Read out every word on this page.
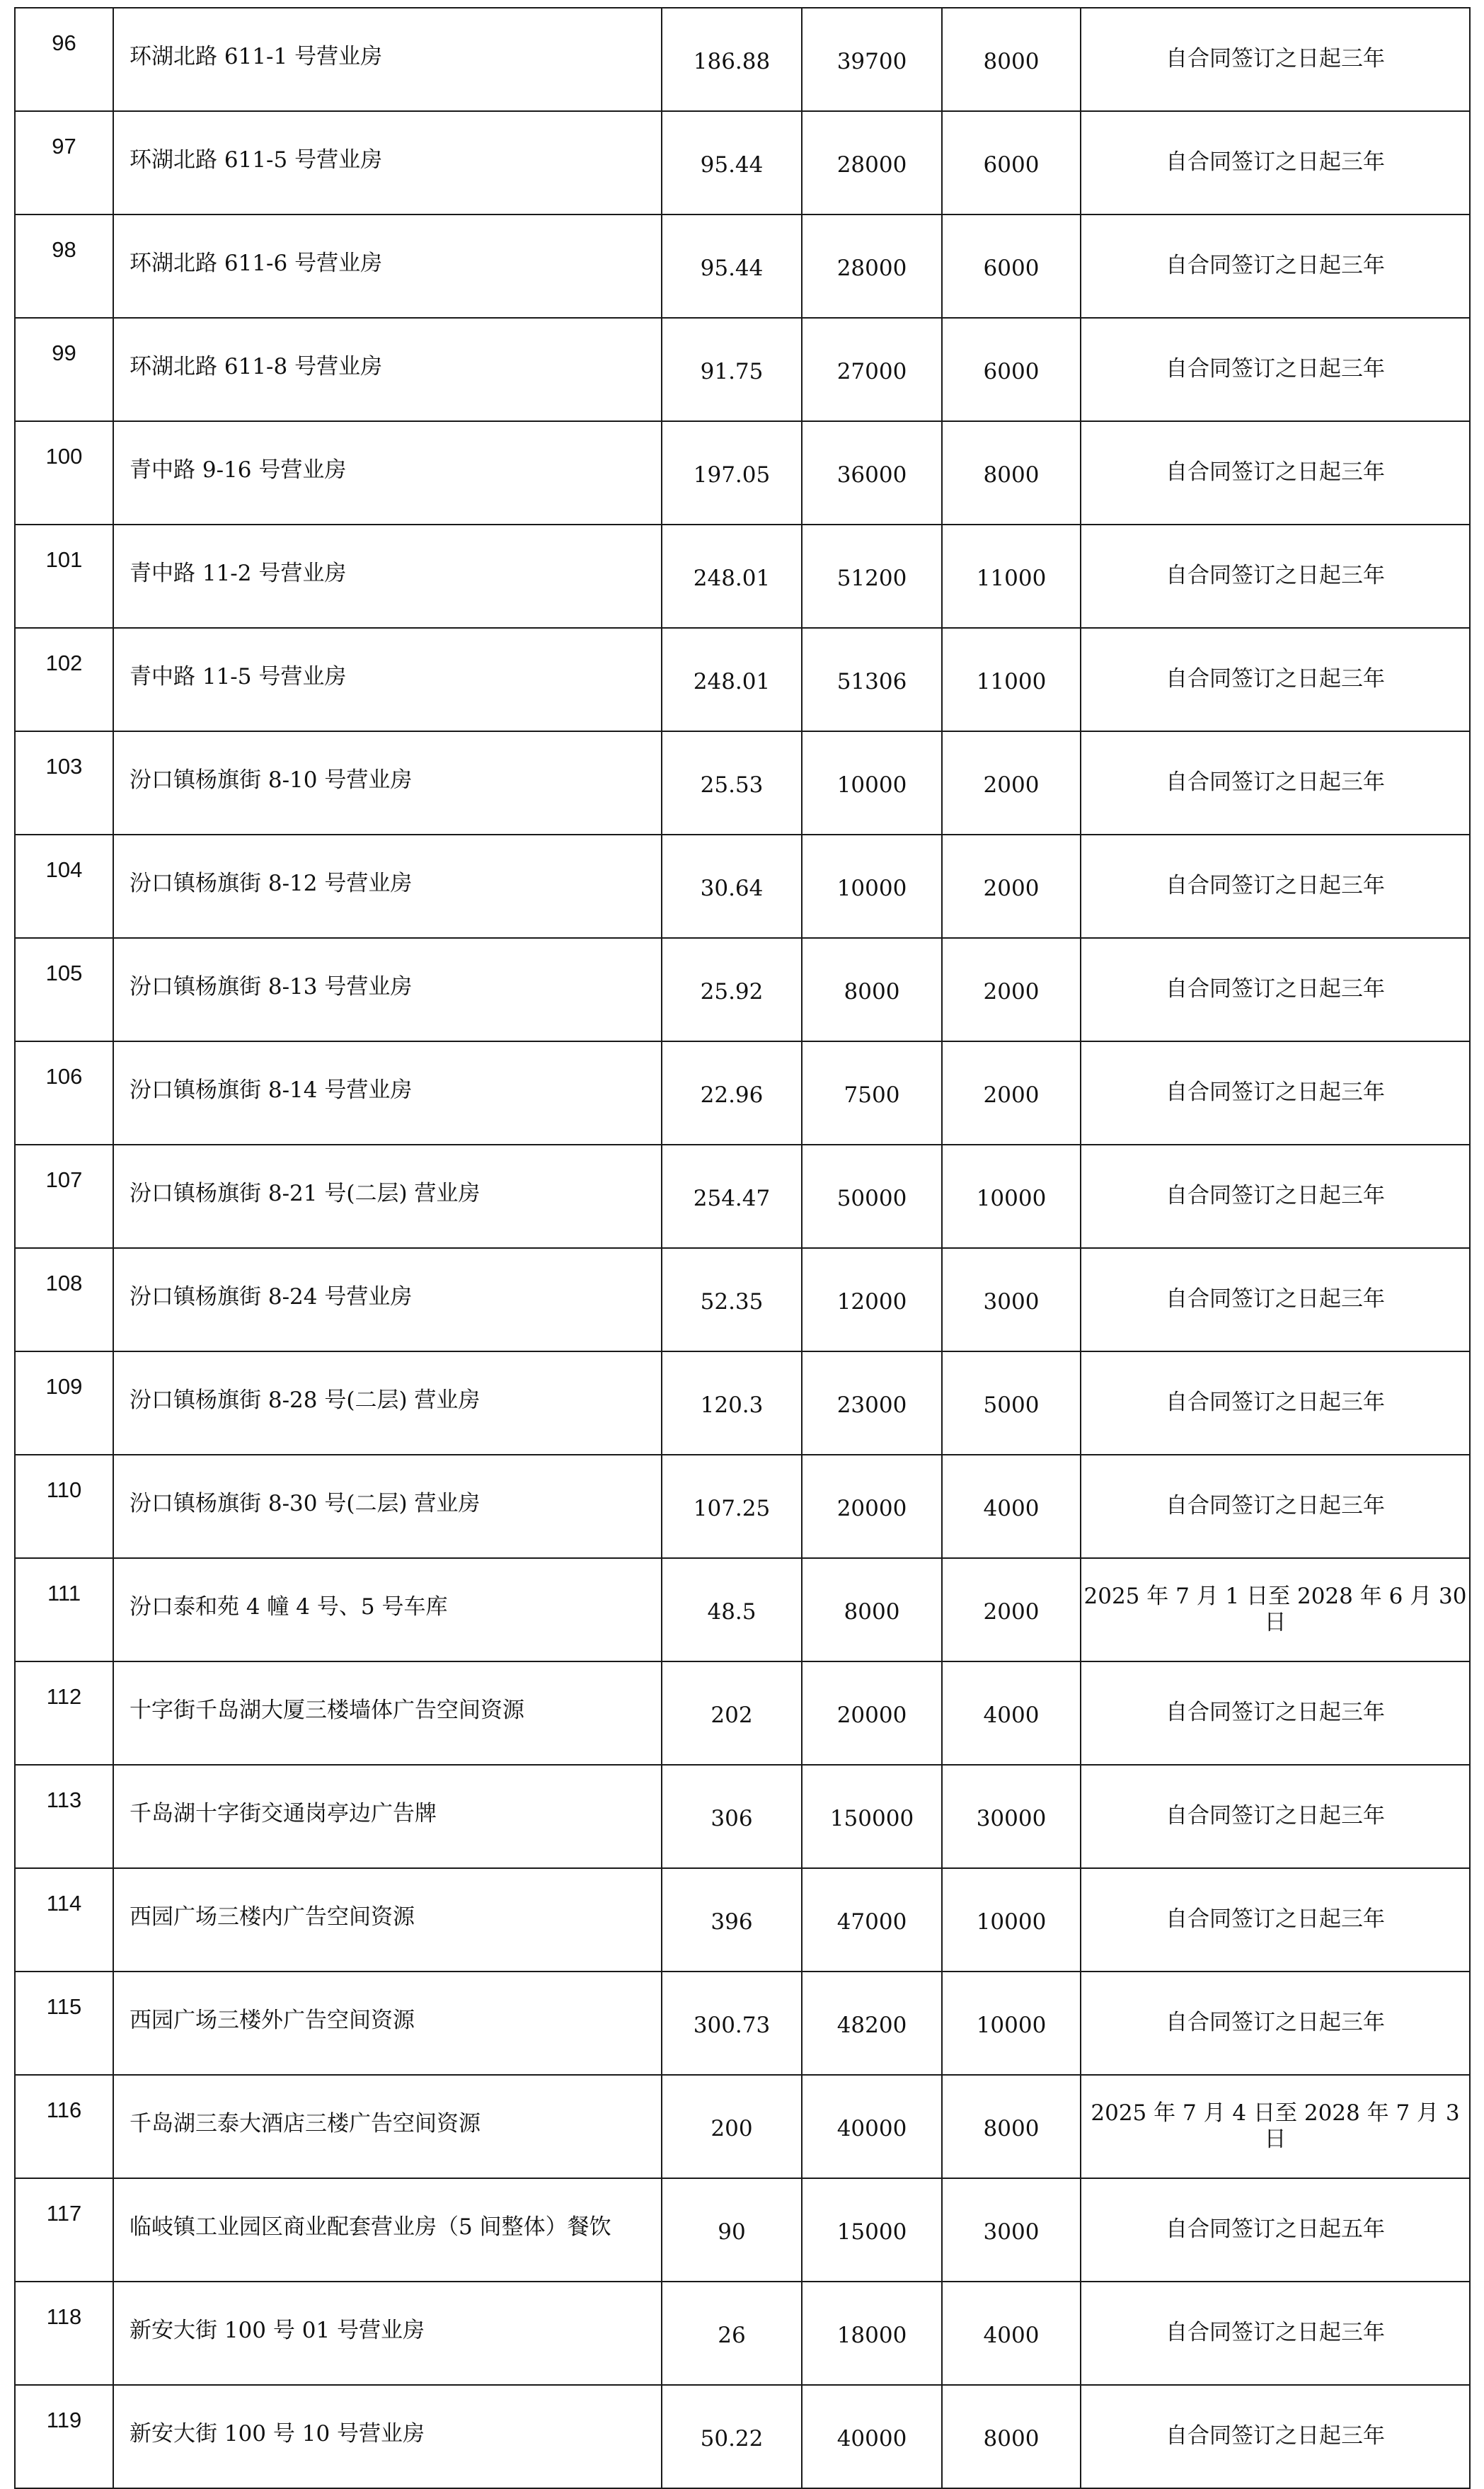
96	环湖北路 611-1 号营业房	186.88	39700	8000	自合同签订之日起三年
97	环湖北路 611-5 号营业房	95.44	28000	6000	自合同签订之日起三年
98	环湖北路 611-6 号营业房	95.44	28000	6000	自合同签订之日起三年
99	环湖北路 611-8 号营业房	91.75	27000	6000	自合同签订之日起三年
100	青中路 9-16 号营业房	197.05	36000	8000	自合同签订之日起三年
101	青中路 11-2 号营业房	248.01	51200	11000	自合同签订之日起三年
102	青中路 11-5 号营业房	248.01	51306	11000	自合同签订之日起三年
103	汾口镇杨旗街 8-10 号营业房	25.53	10000	2000	自合同签订之日起三年
104	汾口镇杨旗街 8-12 号营业房	30.64	10000	2000	自合同签订之日起三年
105	汾口镇杨旗街 8-13 号营业房	25.92	8000	2000	自合同签订之日起三年
106	汾口镇杨旗街 8-14 号营业房	22.96	7500	2000	自合同签订之日起三年
107	汾口镇杨旗街 8-21 号(二层) 营业房	254.47	50000	10000	自合同签订之日起三年
108	汾口镇杨旗街 8-24 号营业房	52.35	12000	3000	自合同签订之日起三年
109	汾口镇杨旗街 8-28 号(二层) 营业房	120.3	23000	5000	自合同签订之日起三年
110	汾口镇杨旗街 8-30 号(二层) 营业房	107.25	20000	4000	自合同签订之日起三年
111	汾口泰和苑 4 幢 4 号、5 号车库	48.5	8000	2000	2025 年 7 月 1 日至 2028 年 6 月 30 日
112	十字街千岛湖大厦三楼墙体广告空间资源	202	20000	4000	自合同签订之日起三年
113	千岛湖十字街交通岗亭边广告牌	306	150000	30000	自合同签订之日起三年
114	西园广场三楼内广告空间资源	396	47000	10000	自合同签订之日起三年
115	西园广场三楼外广告空间资源	300.73	48200	10000	自合同签订之日起三年
116	千岛湖三泰大酒店三楼广告空间资源	200	40000	8000	2025 年 7 月 4 日至 2028 年 7 月 3 日
117	临岐镇工业园区商业配套营业房（5 间整体）餐饮	90	15000	3000	自合同签订之日起五年
118	新安大街 100 号 01 号营业房	26	18000	4000	自合同签订之日起三年
119	新安大街 100 号 10 号营业房	50.22	40000	8000	自合同签订之日起三年
